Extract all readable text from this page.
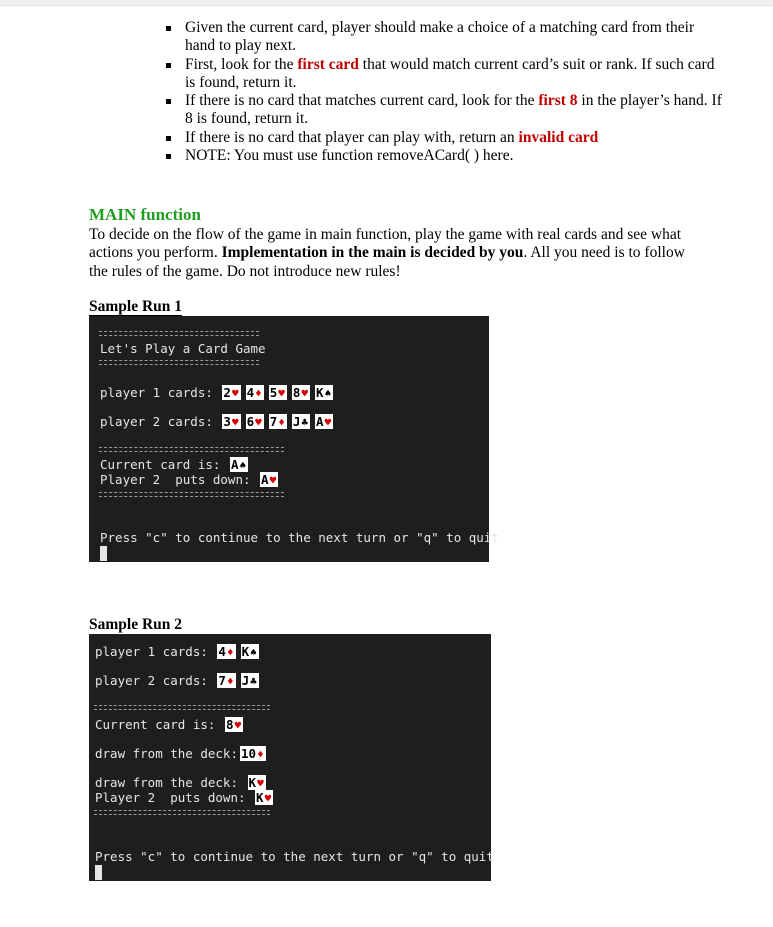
Given the current card, player should make a choice of a matching card from their hand to play next.
First, look for the first card that would match current card’s suit or rank. If such card is found, return it.
If there is no card that matches current card, look for the first 8 in the player’s hand. If 8 is found, return it.
If there is no card that player can play with, return an invalid card
NOTE: You must use function removeACard( ) here.
MAIN function
To decide on the flow of the game in main function, play the game with real cards and see what actions you perform. Implementation in the main is decided by you. All you need is to follow the rules of the game. Do not introduce new rules!
Sample Run 1
Let's Play a Card Game
player 1 cards: 2♥ 4♦ 5♥ 8♥ K♠
player 2 cards: 3♥ 6♥ 7♦ J♣ A♥
Current card is: A♠
Player 2  puts down: A♥
Press "c" to continue to the next turn or "q" to quit
Sample Run 2
player 1 cards: 4♦ K♠
player 2 cards: 7♦ J♣
Current card is: 8♥
draw from the deck: 10♦
draw from the deck: K♥
Player 2  puts down: K♥
Press "c" to continue to the next turn or "q" to quit
